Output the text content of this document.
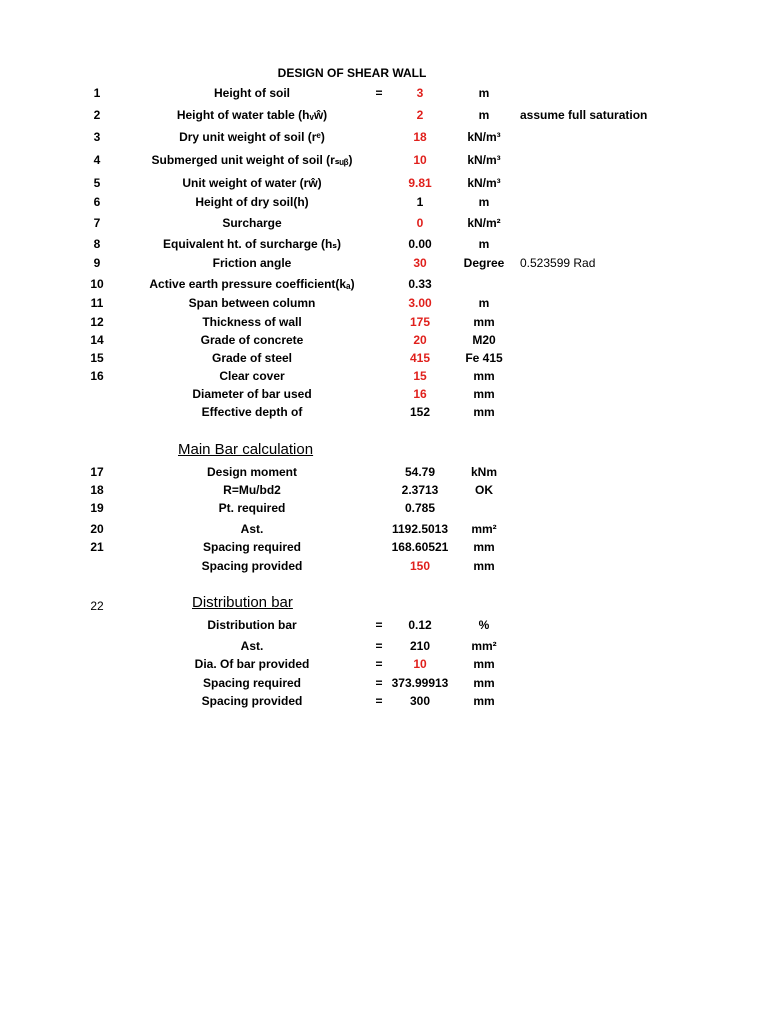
DESIGN OF SHEAR WALL
1	Height of soil	=	3	m
2	Height of water table (hᵥŵ)	2	m	assume full saturation
3	Dry unit weight of soil (rᵉ)	18	kN/m³
4	Submerged unit weight of soil (rₛᵤᵦ)	10	kN/m³
5	Unit weight of water (rŵ)	9.81	kN/m³
6	Height of dry soil(h)	1	m
7	Surcharge	0	kN/m²
8	Equivalent ht. of surcharge (hₛ)	0.00	m
9	Friction angle	30	Degree	0.523599 Rad
10	Active earth pressure coefficient(kₐ)	0.33
11	Span between column	3.00	m
12	Thickness of wall	175	mm
14	Grade of concrete	20	M20
15	Grade of steel	415	Fe 415
16	Clear cover	15	mm
Diameter of bar used	16	mm
Effective depth of	152	mm
Main Bar calculation
17	Design moment	54.79	kNm
18	R=Mu/bd2	2.3713	OK
19	Pt. required	0.785
20	Ast.	1192.5013	mm²
21	Spacing required	168.60521	mm
Spacing provided	150	mm
22	Distribution bar
Distribution bar	=	0.12	%
Ast.	=	210	mm²
Dia. Of bar provided	=	10	mm
Spacing required	= 373.99913	mm
Spacing provided	=	300	mm
